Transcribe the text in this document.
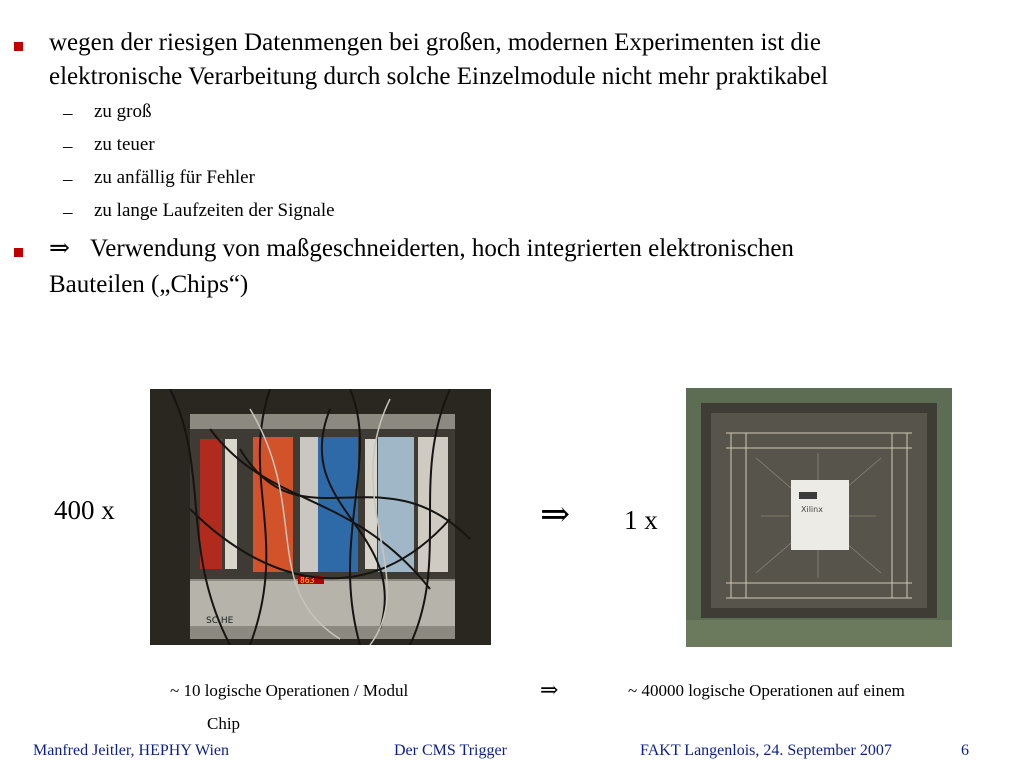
wegen der riesigen Datenmengen bei großen, modernen Experimenten ist die
elektronische Verarbeitung durch solche Einzelmodule nicht mehr praktikabel
– zu groß
– zu teuer
– zu anfällig für Fehler
– zu lange Laufzeiten der Signale
⇒ Verwendung von maßgeschneiderten, hoch integrierten elektronischen
Bauteilen („Chips“)
400 x
863
SC HE
⇒ 1 x	Xilinx
~ 10 logische Operationen / Modul	⇒	~ 40000 logische Operationen auf einem
Chip
Manfred Jeitler, HEPHY Wien	Der CMS Trigger	FAKT Langenlois, 24. September 2007	6
